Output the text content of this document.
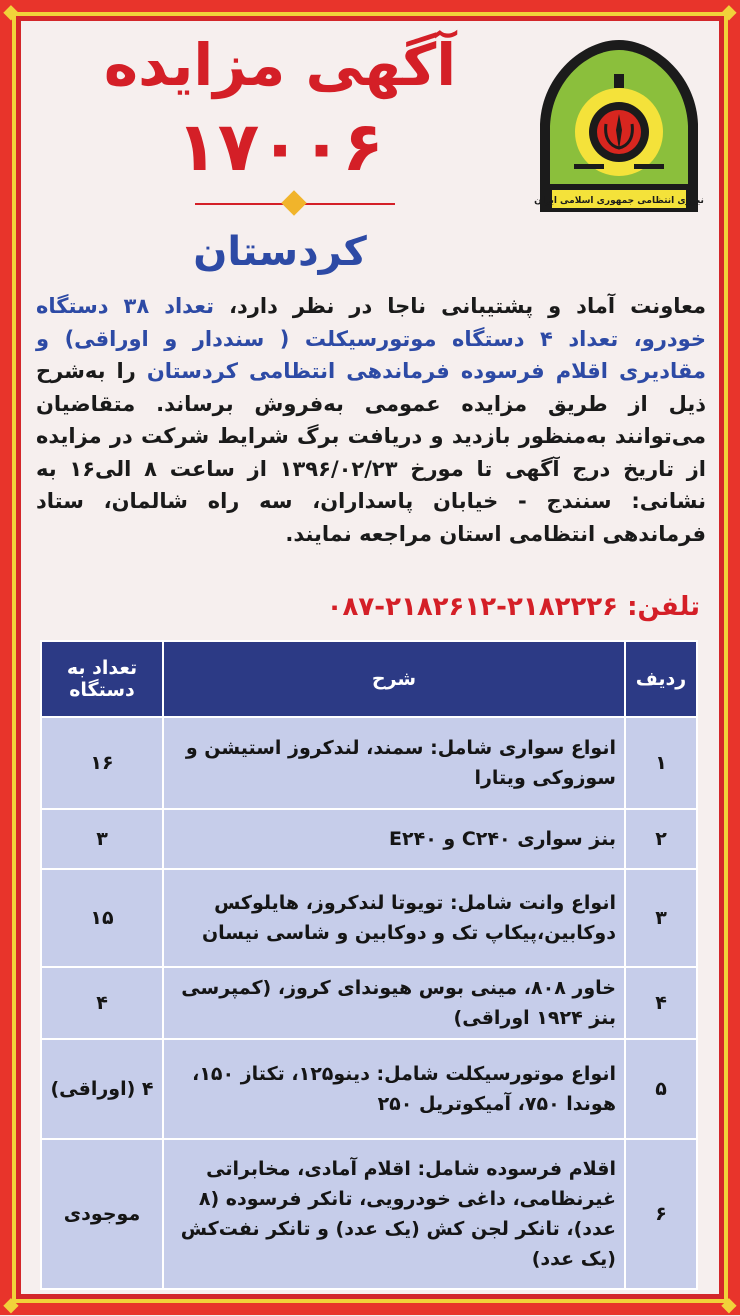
◆	◆
◆	◆
آگهی مزایده
۱۷۰۰۶
کردستان
نیروی انتظامی جمهوری اسلامی ایران
معاونت آماد و پشتیبانی ناجا در نظر دارد، تعداد ۳۸ دستگاه خودرو، تعداد ۴ دستگاه موتورسیکلت ( سنددار و اوراقی) و مقادیری اقلام فرسوده فرماندهی انتظامی کردستان را به‌شرح ذیل از طریق مزایده عمومی به‌فروش برساند. متقاضیان می‌توانند به‌منظور بازدید و دریافت برگ شرایط شرکت در مزایده از تاریخ درج آگهی تا مورخ ۱۳۹۶/۰۲/۲۳ از ساعت ۸ الی۱۶ به نشانی: سنندج - خیابان پاسداران، سه راه شالمان، ستاد فرماندهی انتظامی استان مراجعه نمایند.
تلفن: ۲۱۸۲۲۲۶-۲۱۸۲۶۱۲-۰۸۷
ردیف	شرح	تعداد به دستگاه
۱	انواع سواری شامل: سمند، لندکروز استیشن و سوزوکی ویتارا	۱۶
۲	بنز سواری C۲۴۰ و E۲۴۰	۳
۳	انواع وانت شامل: تویوتا لندکروز، هایلوکس دوکابین،پیکاپ تک و دوکابین و شاسی نیسان	۱۵
۴	خاور ۸۰۸، مینی بوس هیوندای کروز، (کمپرسی بنز ۱۹۲۴ اوراقی)	۴
۵	انواع موتورسیکلت شامل: دینو۱۲۵، تکتاز ۱۵۰، هوندا ۷۵۰، آمیکوتریل ۲۵۰	۴ (اوراقی)
۶	اقلام فرسوده شامل: اقلام آمادی، مخابراتی غیرنظامی، داغی خودرویی، تانکر فرسوده (۸ عدد)، تانکر لجن کش (یک عدد) و تانکر نفت‌کش (یک عدد)	موجودی
